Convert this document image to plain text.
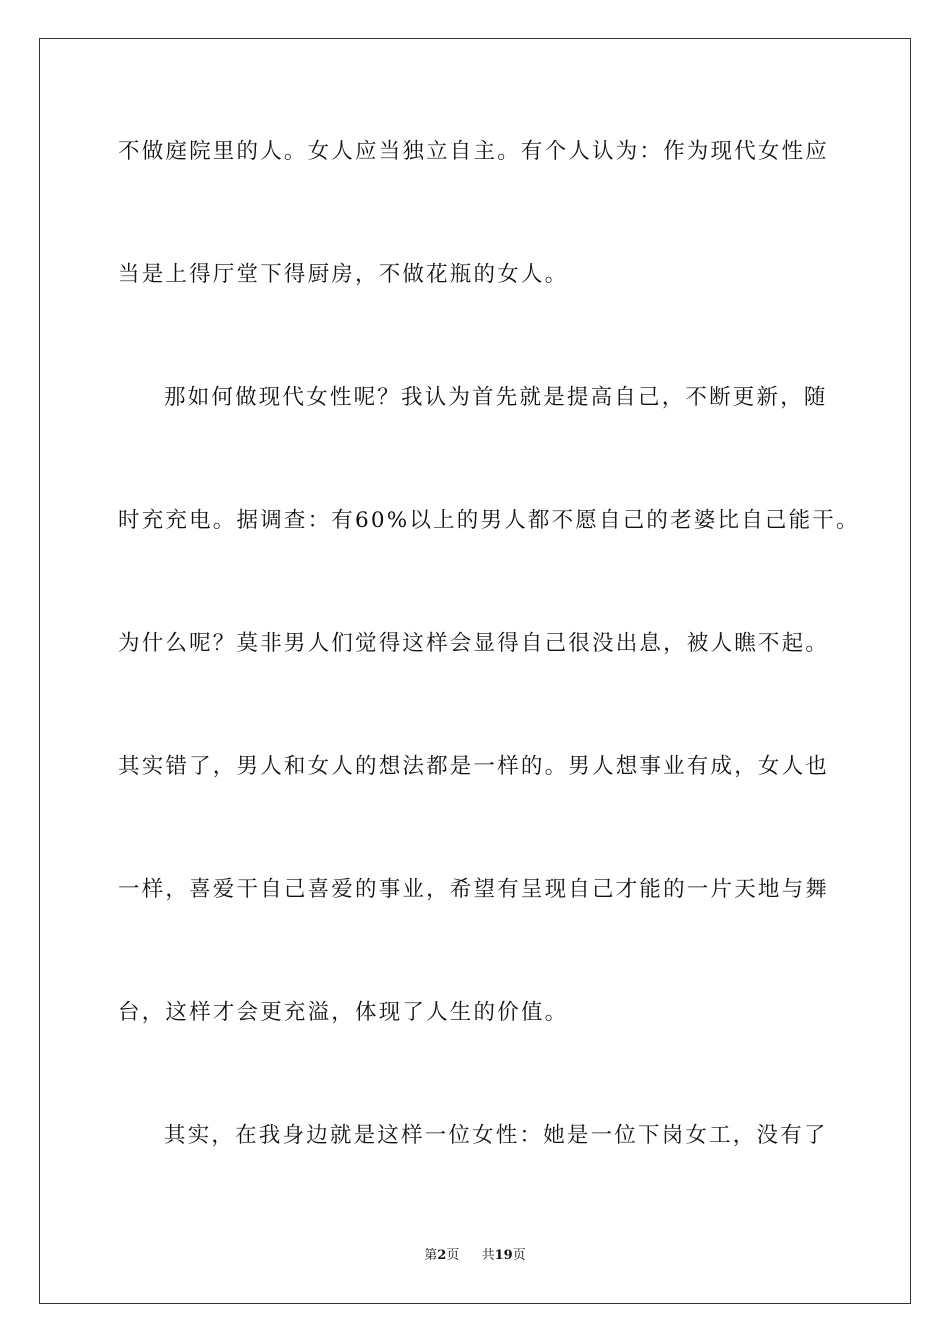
不做庭院里的人。女人应当独立自主。有个人认为：作为现代女性应
当是上得厅堂下得厨房，不做花瓶的女人。
那如何做现代女性呢？我认为首先就是提高自己，不断更新，随
时充充电。据调查：有60%以上的男人都不愿自己的老婆比自己能干。
为什么呢？莫非男人们觉得这样会显得自己很没出息，被人瞧不起。
其实错了，男人和女人的想法都是一样的。男人想事业有成，女人也
一样，喜爱干自己喜爱的事业，希望有呈现自己才能的一片天地与舞
台，这样才会更充溢，体现了人生的价值。
其实，在我身边就是这样一位女性：她是一位下岗女工，没有了
第2页 共19页
